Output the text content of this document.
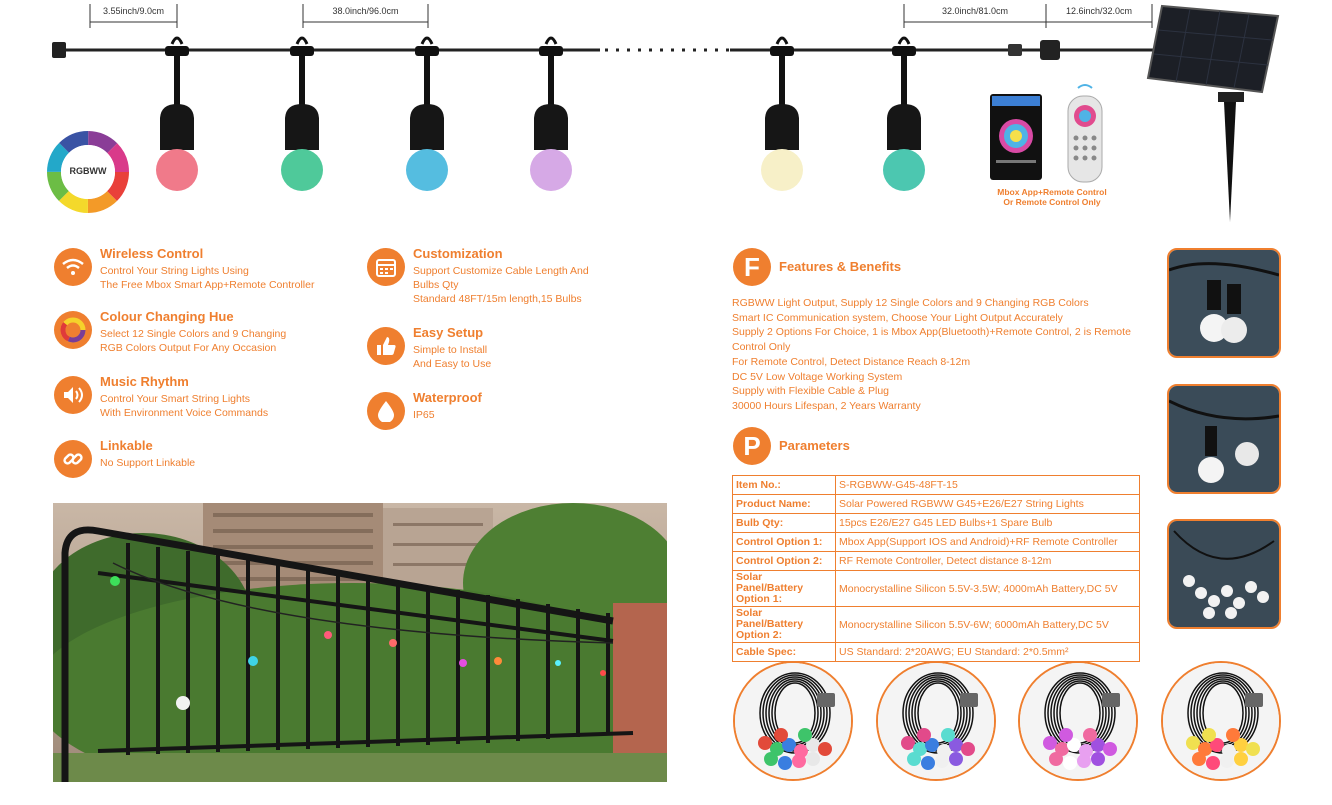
3.55inch/9.0cm	38.0inch/96.0cm	32.0inch/81.0cm	12.6inch/32.0cm
RGBWW
Mbox App+Remote Control
Or Remote Control Only
Wireless Control
Control Your String Lights Using
The Free Mbox Smart App+Remote Controller
Colour Changing Hue
Select 12 Single Colors and 9 Changing
RGB Colors Output For Any Occasion
Music Rhythm
Control Your Smart String Lights
With Environment Voice Commands
Linkable
No Support Linkable
Customization
Support Customize Cable Length And
Bulbs Qty
Standard 48FT/15m length,15 Bulbs
Easy Setup
Simple to Install
And Easy to Use
Waterproof
IP65
F	Features & Benefits
RGBWW Light Output, Supply 12 Single Colors and 9 Changing RGB Colors
Smart IC Communication system, Choose Your Light Output Accurately
Supply 2 Options For Choice, 1 is Mbox App(Bluetooth)+Remote Control, 2 is Remote Control Only
For Remote Control, Detect Distance Reach 8-12m
DC 5V Low Voltage Working System
Supply with Flexible Cable & Plug
30000 Hours Lifespan, 2 Years Warranty
P	Parameters
Item No.:	S-RGBWW-G45-48FT-15
Product Name:	Solar Powered RGBWW G45+E26/E27 String Lights
Bulb Qty:	15pcs E26/E27 G45 LED Bulbs+1 Spare Bulb
Control Option 1:	Mbox App(Support IOS and Android)+RF Remote Controller
Control Option 2:	RF Remote Controller, Detect distance 8-12m
Solar Panel/Battery Option 1:	Monocrystalline Silicon 5.5V-3.5W; 4000mAh Battery,DC 5V
Solar Panel/Battery Option 2:	Monocrystalline Silicon 5.5V-6W; 6000mAh Battery,DC 5V
Cable Spec:	US Standard: 2*20AWG; EU Standard: 2*0.5mm²
